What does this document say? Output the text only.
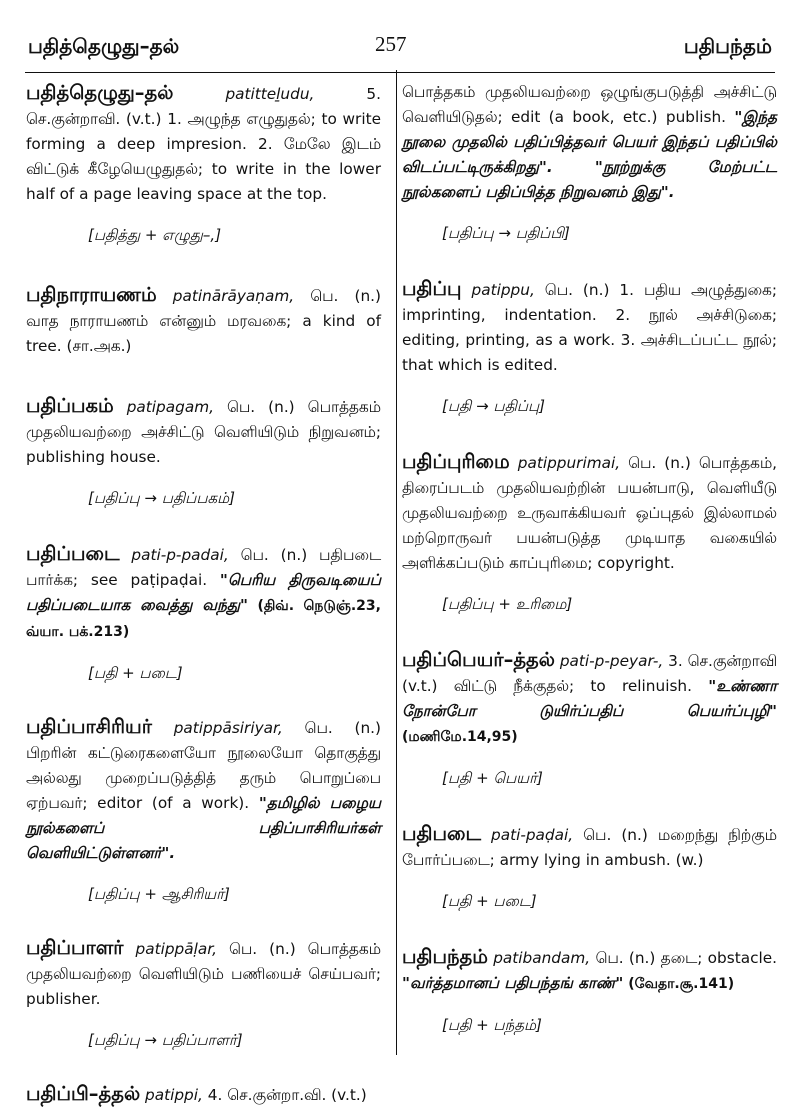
பதித்தெழுது–தல்	257	பதிபந்தம்
பதித்தெழுது–தல்	patitteḻudu,	5. செ.குன்றாவி. (v.t.) 1. அழுந்த எழுதுதல்; to write forming a deep impresion. 2. மேலே இடம் விட்டுக் கீழேயெழுதுதல்; to write in the lower half of a page leaving space at the top.
[பதித்து + எழுது–,]
பதிநாராயணம் patinārāyaṇam, பெ. (n.) வாத நாராயணம் என்னும் மரவகை; a kind of tree. (சா.அக.)
பதிப்பகம் patipagam, பெ. (n.) பொத்தகம் முதலியவற்றை அச்சிட்டு வெளியிடும் நிறுவனம்; publishing house.
[பதிப்பு → பதிப்பகம்]
பதிப்படை pati-p-padai, பெ. (n.) பதிபடை பார்க்க; see paṭipaḍai. "பெரிய திருவடியைப் பதிப்படையாக வைத்து வந்து" (திவ். நெடுஞ்.23, வ்யா. பக்.213)
[பதி + படை]
பதிப்பாசிரியர் patippāsiriyar, பெ. (n.) பிறரின் கட்டுரைகளையோ நூலையோ தொகுத்து அல்லது முறைப்படுத்தித் தரும் பொறுப்பை ஏற்பவர்; editor (of a work). "தமிழில் பழைய நூல்களைப் பதிப்பாசிரியர்கள் வெளியிட்டுள்ளனர்".
[பதிப்பு + ஆசிரியர்]
பதிப்பாளர் patippāḷar, பெ. (n.) பொத்தகம் முதலியவற்றை வெளியிடும் பணியைச் செய்பவர்; publisher.
[பதிப்பு → பதிப்பாளர்]
பதிப்பி–த்தல் patippi, 4. செ.குன்றா.வி. (v.t.)
பொத்தகம் முதலியவற்றை ஒழுங்குபடுத்தி அச்சிட்டு வெளியிடுதல்; edit (a book, etc.) publish. "இந்த நூலை முதலில் பதிப்பித்தவர் பெயர் இந்தப் பதிப்பில் விடப்பட்டிருக்கிறது". "நூற்றுக்கு மேற்பட்ட நூல்களைப் பதிப்பித்த நிறுவனம் இது".
[பதிப்பு → பதிப்பி]
பதிப்பு patippu, பெ. (n.) 1. பதிய அழுத்துகை; imprinting, indentation. 2. நூல் அச்சிடுகை; editing, printing, as a work. 3. அச்சிடப்பட்ட நூல்; that which is edited.
[பதி → பதிப்பு]
பதிப்புரிமை patippurimai, பெ. (n.) பொத்தகம், திரைப்படம் முதலியவற்றின் பயன்பாடு, வெளியீடு முதலியவற்றை உருவாக்கியவர் ஒப்புதல் இல்லாமல் மற்றொருவர் பயன்படுத்த முடியாத வகையில் அளிக்கப்படும் காப்புரிமை; copyright.
[பதிப்பு + உரிமை]
பதிப்பெயர்–த்தல் pati-p-peyar-, 3. செ.குன்றாவி (v.t.) விட்டு நீக்குதல்; to relinuish. "உண்ணா நோன்போ டுயிர்ப்பதிப் பெயர்ப்புழி" (மணிமே.14,95)
[பதி + பெயர்]
பதிபடை pati-paḍai, பெ. (n.) மறைந்து நிற்கும் போர்ப்படை; army lying in ambush. (w.)
[பதி + படை]
பதிபந்தம் patibandam, பெ. (n.) தடை; obstacle. "வர்த்தமானப் பதிபந்தங் காண்" (வேதா.சூ.141)
[பதி + பந்தம்]
